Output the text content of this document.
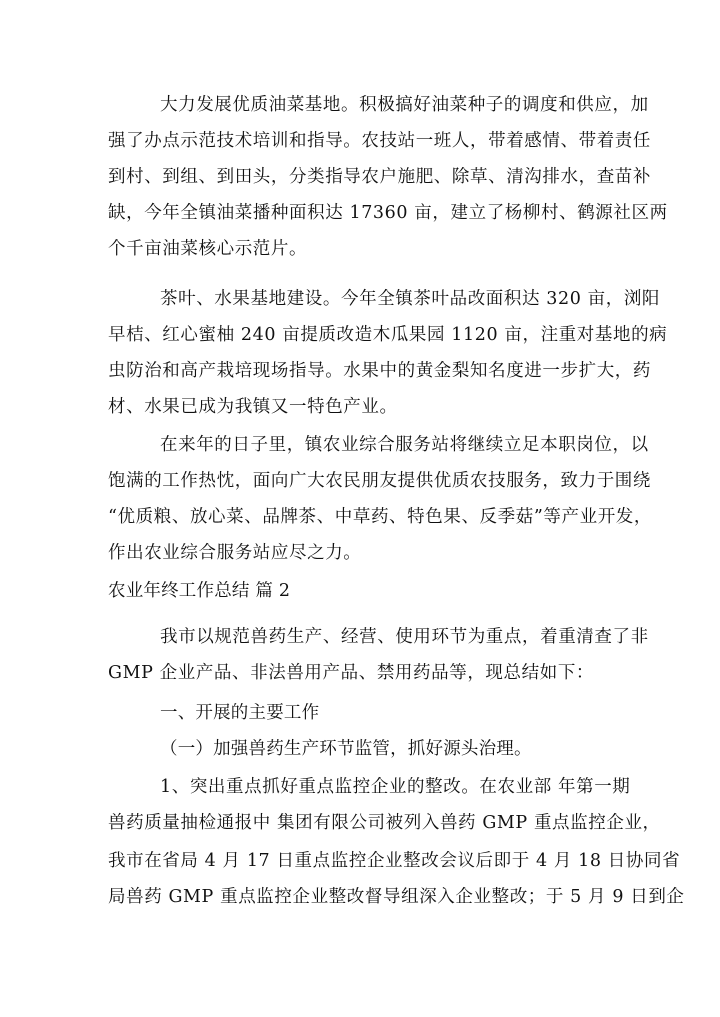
大力发展优质油菜基地。积极搞好油菜种子的调度和供应，加
强了办点示范技术培训和指导。农技站一班人，带着感情、带着责任
到村、到组、到田头，分类指导农户施肥、除草、清沟排水，查苗补
缺，今年全镇油菜播种面积达 17360 亩，建立了杨柳村、鹤源社区两
个千亩油菜核心示范片。
茶叶、水果基地建设。今年全镇茶叶品改面积达 320 亩，浏阳
早桔、红心蜜柚 240 亩提质改造木瓜果园 1120 亩，注重对基地的病
虫防治和高产栽培现场指导。水果中的黄金梨知名度进一步扩大，药
材、水果已成为我镇又一特色产业。
在来年的日子里，镇农业综合服务站将继续立足本职岗位，以
饱满的工作热忱，面向广大农民朋友提供优质农技服务，致力于围绕
“优质粮、放心菜、品牌茶、中草药、特色果、反季菇”等产业开发，
作出农业综合服务站应尽之力。
农业年终工作总结 篇 2
我市以规范兽药生产、经营、使用环节为重点，着重清查了非
GMP 企业产品、非法兽用产品、禁用药品等，现总结如下：
一、开展的主要工作
（一）加强兽药生产环节监管，抓好源头治理。
1、突出重点抓好重点监控企业的整改。在农业部 年第一期
兽药质量抽检通报中 集团有限公司被列入兽药 GMP 重点监控企业，
我市在省局 4 月 17 日重点监控企业整改会议后即于 4 月 18 日协同省
局兽药 GMP 重点监控企业整改督导组深入企业整改；于 5 月 9 日到企
